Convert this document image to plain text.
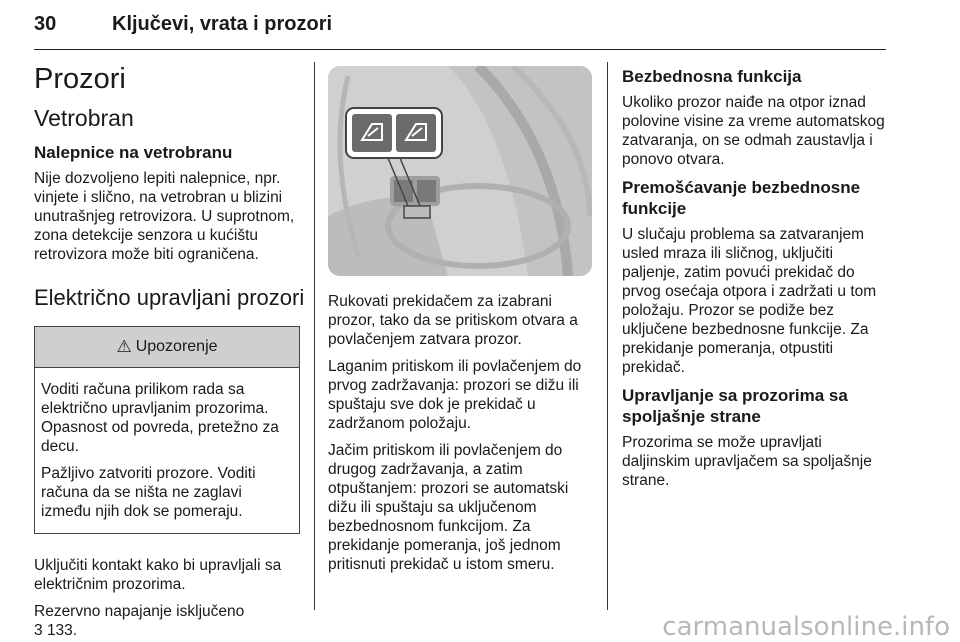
30	Ključevi, vrata i prozori
Prozori
Vetrobran
Nalepnice na vetrobranu

Nije dozvoljeno lepiti nalepnice, npr. vinjete i slično, na vetrobran u blizini unutrašnjeg retrovizora. U suprotnom, zona detekcije senzora u kućištu retrovizora može biti ograničena.

Električno upravljani prozori
⚠ Upozorenje

Voditi računa prilikom rada sa električno upravljanim prozorima. Opasnost od povreda, pretežno za decu.

Pažljivo zatvoriti prozore. Voditi računa da se ništa ne zaglavi između njih dok se pomeraju.

Uključiti kontakt kako bi upravljali sa električnim prozorima.

Rezervno napajanje isključeno
3 133.

Rukovati prekidačem za izabrani prozor, tako da se pritiskom otvara a povlačenjem zatvara prozor.

Laganim pritiskom ili povlačenjem do prvog zadržavanja: prozori se dižu ili spuštaju sve dok je prekidač u zadržanom položaju.

Jačim pritiskom ili povlačenjem do drugog zadržavanja, a zatim otpuštanjem: prozori se automatski dižu ili spuštaju sa uključenom bezbednosnom funkcijom. Za prekidanje pomeranja, još jednom pritisnuti prekidač u istom smeru.

Bezbednosna funkcija

Ukoliko prozor naiđe na otpor iznad polovine visine za vreme automatskog zatvaranja, on se odmah zaustavlja i ponovo otvara.

Premošćavanje bezbednosne funkcije

U slučaju problema sa zatvaranjem usled mraza ili sličnog, uključiti paljenje, zatim povući prekidač do prvog osećaja otpora i zadržati u tom položaju. Prozor se podiže bez uključene bezbednosne funkcije. Za prekidanje pomeranja, otpustiti prekidač.

Upravljanje sa prozorima sa spoljašnje strane

Prozorima se može upravljati daljinskim upravljačem sa spoljašnje strane.

carmanualsonline.info
